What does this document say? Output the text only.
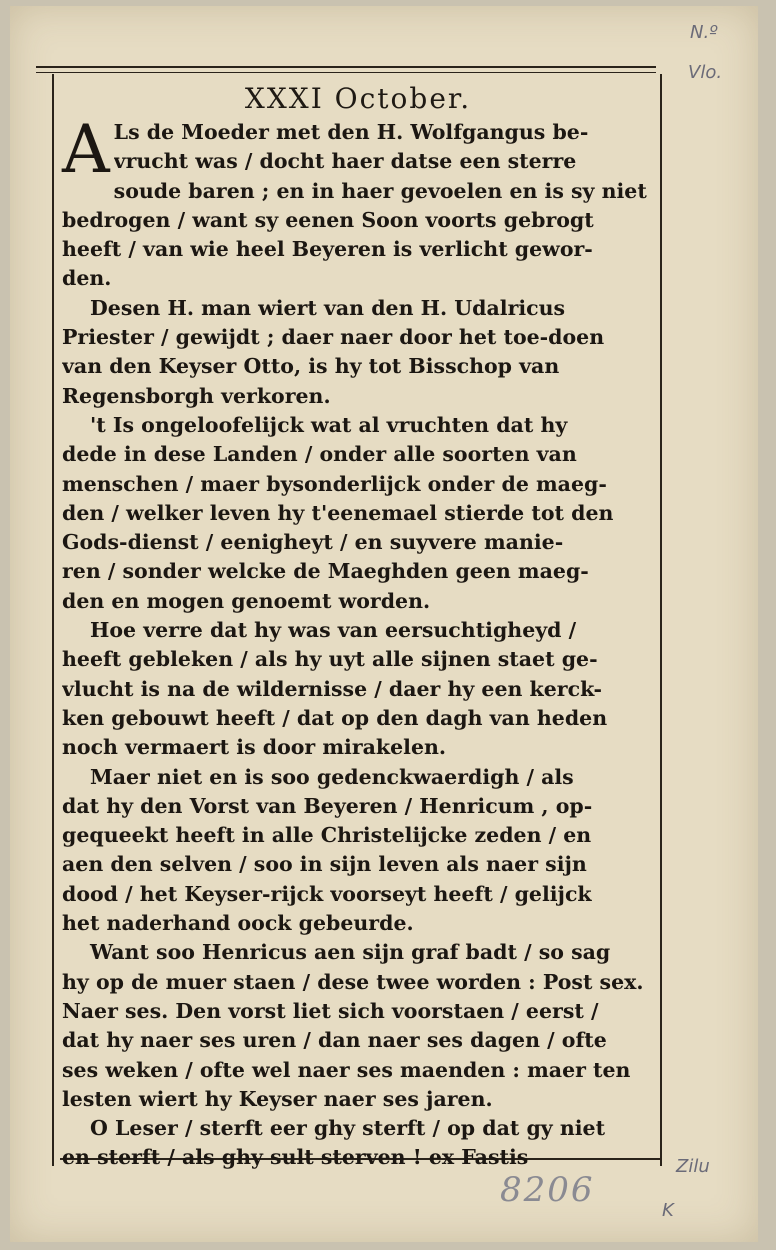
XXXI October.
A Ls de Moeder met den H. Wolfgangus be-
vrucht was / docht haer datse een sterre
soude baren ; en in haer gevoelen en is sy niet
bedrogen / want sy eenen Soon voorts gebrogt
heeft / van wie heel Beyeren is verlicht gewor-
den.
Desen H. man wiert van den H. Udalricus
Priester / gewijdt ; daer naer door het toe-doen
van den Keyser Otto, is hy tot Bisschop van
Regensborgh verkoren.
't Is ongeloofelijck wat al vruchten dat hy
dede in dese Landen / onder alle soorten van
menschen / maer bysonderlijck onder de maeg-
den / welker leven hy t'eenemael stierde tot den
Gods-dienst / eenigheyt / en suyvere manie-
ren / sonder welcke de Maeghden geen maeg-
den en mogen genoemt worden.
Hoe verre dat hy was van eersuchtigheyd /
heeft gebleken / als hy uyt alle sijnen staet ge-
vlucht is na de wildernisse / daer hy een kerck-
ken gebouwt heeft / dat op den dagh van heden
noch vermaert is door mirakelen.
Maer niet en is soo gedenckwaerdigh / als
dat hy den Vorst van Beyeren / Henricum , op-
gequeekt heeft in alle Christelijcke zeden / en
aen den selven / soo in sijn leven als naer sijn
dood / het Keyser-rijck voorseyt heeft / gelijck
het naderhand oock gebeurde.
Want soo Henricus aen sijn graf badt / so sag
hy op de muer staen / dese twee worden : Post sex.
Naer ses. Den vorst liet sich voorstaen / eerst /
dat hy naer ses uren / dan naer ses dagen / ofte
ses weken / ofte wel naer ses maenden : maer ten
lesten wiert hy Keyser naer ses jaren.
O Leser / sterft eer ghy sterft / op dat gy niet
en sterft / als ghy sult sterven ! ex Fastis
N.º
Vlo.
Zilu
K
8206
